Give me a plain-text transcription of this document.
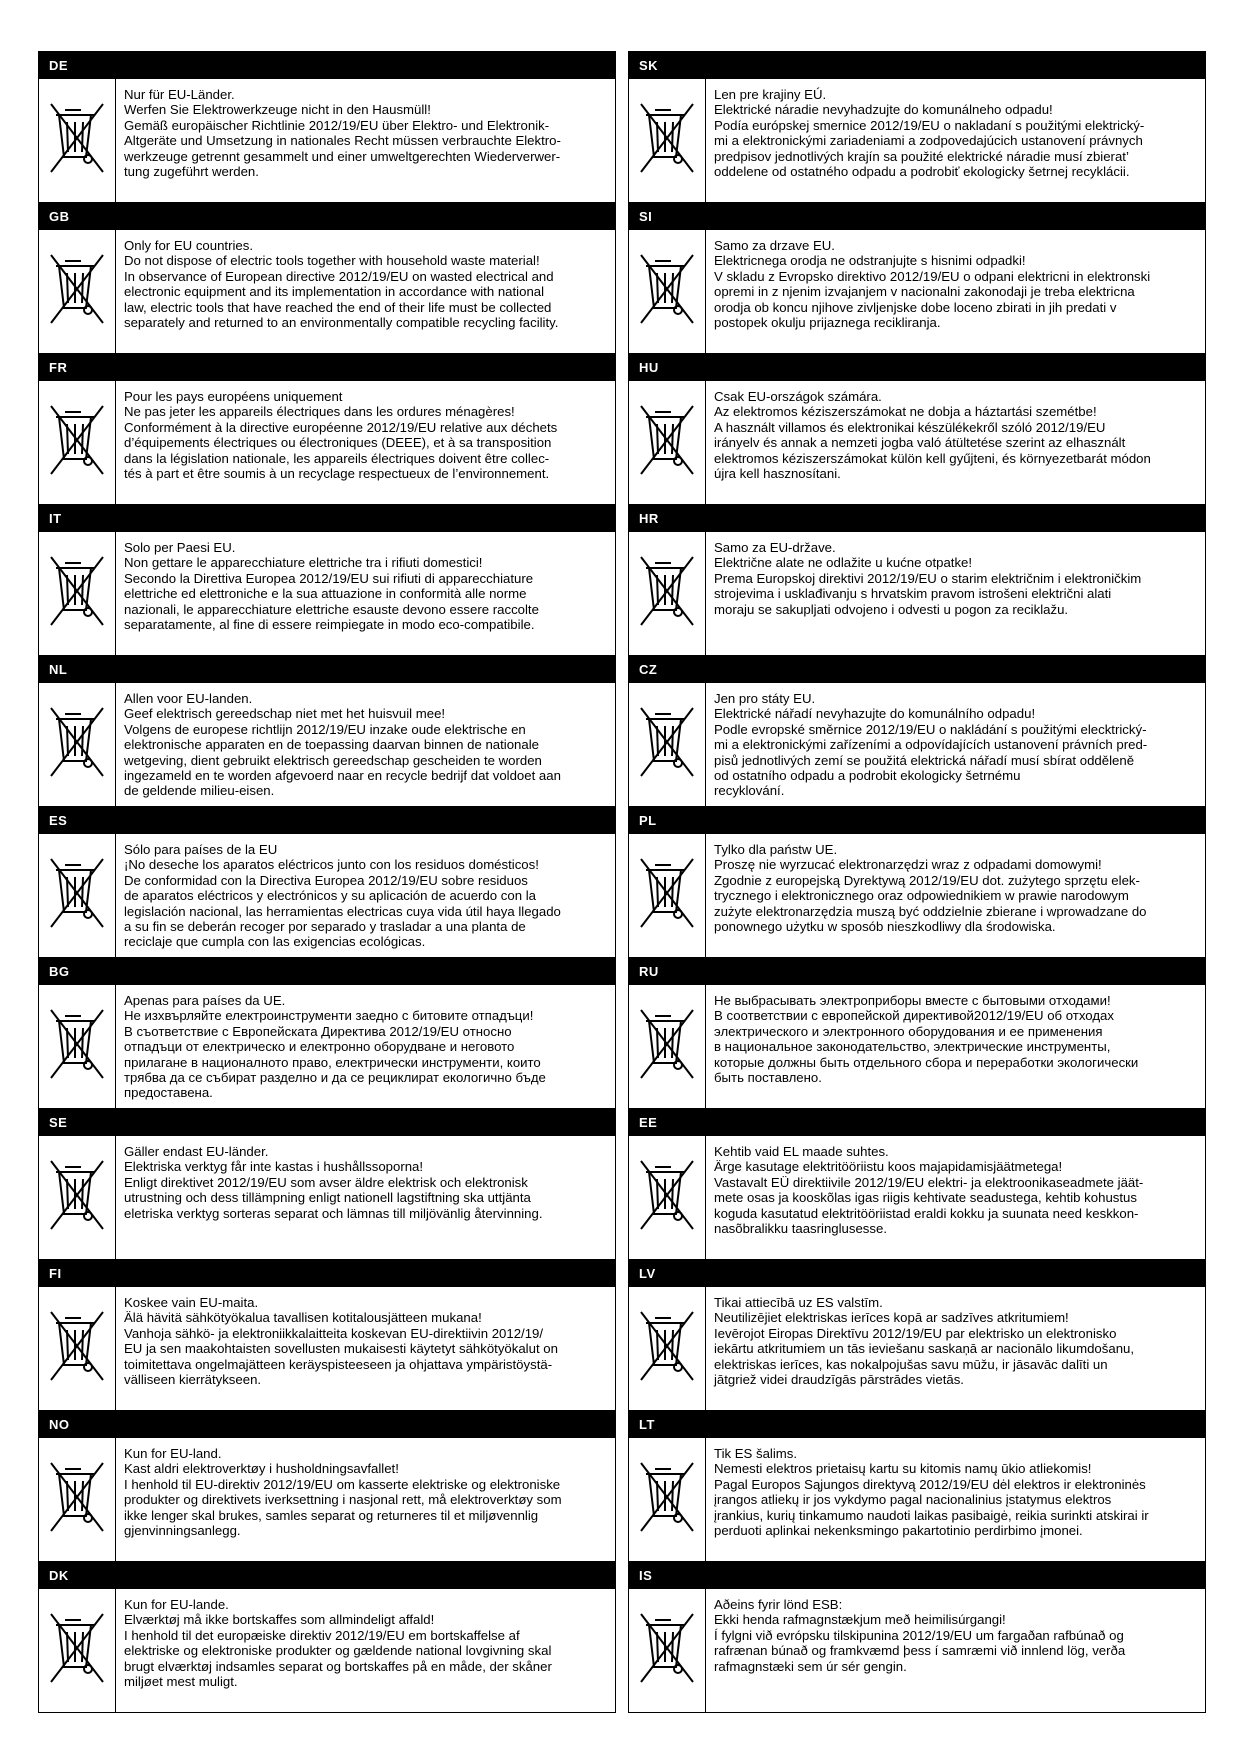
DE

Nur für EU-Länder.

Werfen Sie Elektrowerkzeuge nicht in den Hausmüll!

Gemäß europäischer Richtlinie 2012/19/EU über Elektro- und Elektronik-
Altgeräte und Umsetzung in nationales Recht müssen verbrauchte Elektro-
werkzeuge getrennt gesammelt und einer umweltgerechten Wiederverwer-
tung zugeführt werden.

GB

Only for EU countries.

Do not dispose of electric tools together with household waste material!

In observance of European directive 2012/19/EU on wasted electrical and
electronic equipment and its implementation in accordance with national
law, electric tools that have reached the end of their life must be collected
separately and returned to an environmentally compatible recycling facility.

FR

Pour les pays européens uniquement

Ne pas jeter les appareils électriques dans les ordures ménagères!

Conformément à la directive européenne 2012/19/EU relative aux déchets
d’équipements électriques ou électroniques (DEEE), et à sa transposition
dans la législation nationale, les appareils électriques doivent être collec-
tés à part et être soumis à un recyclage respectueux de l’environnement.

IT

Solo per Paesi EU.

Non gettare le apparecchiature elettriche tra i rifiuti domestici!

Secondo la Direttiva Europea 2012/19/EU sui rifiuti di apparecchiature
elettriche ed elettroniche e la sua attuazione in conformità alle norme
nazionali, le apparecchiature elettriche esauste devono essere raccolte
separatamente, al fine di essere reimpiegate in modo eco-compatibile.

NL

Allen voor EU-landen.

Geef elektrisch gereedschap niet met het huisvuil mee!

Volgens de europese richtlijn 2012/19/EU inzake oude elektrische en
elektronische apparaten en de toepassing daarvan binnen de nationale
wetgeving, dient gebruikt elektrisch gereedschap gescheiden te worden
ingezameld en te worden afgevoerd naar en recycle bedrijf dat voldoet aan
de geldende milieu-eisen.

ES

Sólo para países de la EU

¡No deseche los aparatos eléctricos junto con los residuos domésticos!

De conformidad con la Directiva Europea 2012/19/EU sobre residuos
de aparatos eléctricos y electrónicos y su aplicación de acuerdo con la
legislación nacional, las herramientas electricas cuya vida útil haya llegado
a su fin se deberán recoger por separado y trasladar a una planta de
reciclaje que cumpla con las exigencias ecológicas.

BG

Apenas para países da UE.

Не изхвърляйте електроинструменти заедно с битовите отпадъци!

В съответствие с Европейската Директива 2012/19/EU относно
отпадъци от електрическо и електронно оборудване и неговото
прилагане в националното право, електрически инструменти, които
трябва да се събират разделно и да се рециклират екологично бъде
предоставена.

SE

Gäller endast EU-länder.

Elektriska verktyg får inte kastas i hushållssoporna!

Enligt direktivet 2012/19/EU som avser äldre elektrisk och elektronisk
utrustning och dess tillämpning enligt nationell lagstiftning ska uttjänta
eletriska verktyg sorteras separat och lämnas till miljövänlig återvinning.

FI

Koskee vain EU-maita.

Älä hävitä sähkötyökalua tavallisen kotitalousjätteen mukana!

Vanhoja sähkö- ja elektroniikkalaitteita koskevan EU-direktiivin 2012/19/
EU ja sen maakohtaisten sovellusten mukaisesti käytetyt sähkötyökalut on
toimitettava ongelmajätteen keräyspisteeseen ja ohjattava ympäristöystä-
välliseen kierrätykseen.

NO

Kun for EU-land.

Kast aldri elektroverktøy i husholdningsavfallet!

I henhold til EU-direktiv 2012/19/EU om kasserte elektriske og elektroniske
produkter og direktivets iverksettning i nasjonal rett, må elektroverktøy som
ikke lenger skal brukes, samles separat og returneres til et miljøvennlig
gjenvinningsanlegg.

DK

Kun for EU-lande.

Elværktøj må ikke bortskaffes som allmindeligt affald!

I henhold til det europæiske direktiv 2012/19/EU em bortskaffelse af
elektriske og elektroniske produkter og gældende national lovgivning skal
brugt elværktøj indsamles separat og bortskaffes på en måde, der skåner
miljøet mest muligt.

SK

Len pre krajiny EÚ.

Elektrické náradie nevyhadzujte do komunálneho odpadu!

Podía európskej smernice 2012/19/EU o nakladaní s použitými elektrický-
mi a elektronickými zariadeniami a zodpovedajúcich ustanovení právnych
predpisov jednotlivých krajín sa použité elektrické náradie musí zbierat’
oddelene od ostatného odpadu a podrobiť ekologicky šetrnej recyklácii.

SI

Samo za drzave EU.

Elektricnega orodja ne odstranjujte s hisnimi odpadki!

V skladu z Evropsko direktivo 2012/19/EU o odpani elektricni in elektronski
opremi in z njenim izvajanjem v nacionalni zakonodaji je treba elektricna
orodja ob koncu njihove zivljenjske dobe loceno zbirati in jih predati v
postopek okulju prijaznega recikliranja.

HU

Csak EU-országok számára.

Az elektromos kéziszerszámokat ne dobja a háztartási szemétbe!

A használt villamos és elektronikai készülékekről szóló 2012/19/EU
irányelv és annak a nemzeti jogba való átültetése szerint az elhasznált
elektromos kéziszerszámokat külön kell gyűjteni, és környezetbarát módon
újra kell hasznosítani.

HR

Samo za EU-države.

Električne alate ne odlažite u kućne otpatke!

Prema Europskoj direktivi 2012/19/EU o starim električnim i elektroničkim
strojevima i usklađivanju s hrvatskim pravom istrošeni električni alati
moraju se sakupljati odvojeno i odvesti u pogon za reciklažu.

CZ

Jen pro státy EU.

Elektrické nářadí nevyhazujte do komunálního odpadu!

Podle evropské směrnice 2012/19/EU o nakládání s použitými elecktrický-
mi a elektronickými zařízeními a odpovídajících ustanovení právních pred-
pisů jednotlivých zemí se použitá elektrická nářadí musí sbírat odděleně
od ostatního odpadu a podrobit ekologicky šetrnému
recyklování.

PL

Tylko dla państw UE.

Proszę nie wyrzucać elektronarzędzi wraz z odpadami domowymi!

Zgodnie z europejską Dyrektywą 2012/19/EU dot. zużytego sprzętu elek-
trycznego i elektronicznego oraz odpowiednikiem w prawie narodowym
zużyte elektronarzędzia muszą być oddzielnie zbierane i wprowadzane do
ponownego użytku w sposób nieszkodliwy dla środowiska.

RU

Не выбрасывать электроприборы вместе с бытовыми отходами!

В соответствии с европейской директивой2012/19/EU об отходах
электрического и электронного оборудования и ее применения
в национальное законодательство, электрические инструменты,
которые должны быть отдельного сбора и переработки экологически
быть поставлено.

EE

Kehtib vaid EL maade suhtes.

Ärge kasutage elektritööriistu koos majapidamisjäätmetega!

Vastavalt EÜ direktiivile 2012/19/EU elektri- ja elektroonikaseadmete jäät-
mete osas ja kooskõlas igas riigis kehtivate seadustega, kehtib kohustus
koguda kasutatud elektritööriistad eraldi kokku ja suunata need keskkon-
nasõbralikku taasringlusesse.

LV

Tikai attiecībā uz ES valstīm.

Neutilizējiet elektriskas ierīces kopā ar sadzīves atkritumiem!

Ievērojot Eiropas Direktīvu 2012/19/EU par elektrisko un elektronisko
iekārtu atkritumiem un tās ieviešanu saskaņā ar nacionālo likumdošanu,
elektriskas ierīces, kas nokalpojušas savu mūžu, ir jāsavāc dalīti un
jātgriež videi draudzīgās pārstrādes vietās.

LT

Tik ES šalims.

Nemesti elektros prietaisų kartu su kitomis namų ūkio atliekomis!

Pagal Europos Sąjungos direktyvą 2012/19/EU dėl elektros ir elektroninės
įrangos atliekų ir jos vykdymo pagal nacionalinius įstatymus elektros
įrankius, kurių tinkamumo naudoti laikas pasibaigė, reikia surinkti atskirai ir
perduoti aplinkai nekenksmingo pakartotinio perdirbimo įmonei.

IS

Aðeins fyrir lönd ESB:

Ekki henda rafmagnstækjum með heimilisúrgangi!

Í fylgni við evrópsku tilskipunina 2012/19/EU um fargaðan rafbúnað og
rafrænan búnað og framkvæmd þess í samræmi við innlend lög, verða
rafmagnstæki sem úr sér gengin.
